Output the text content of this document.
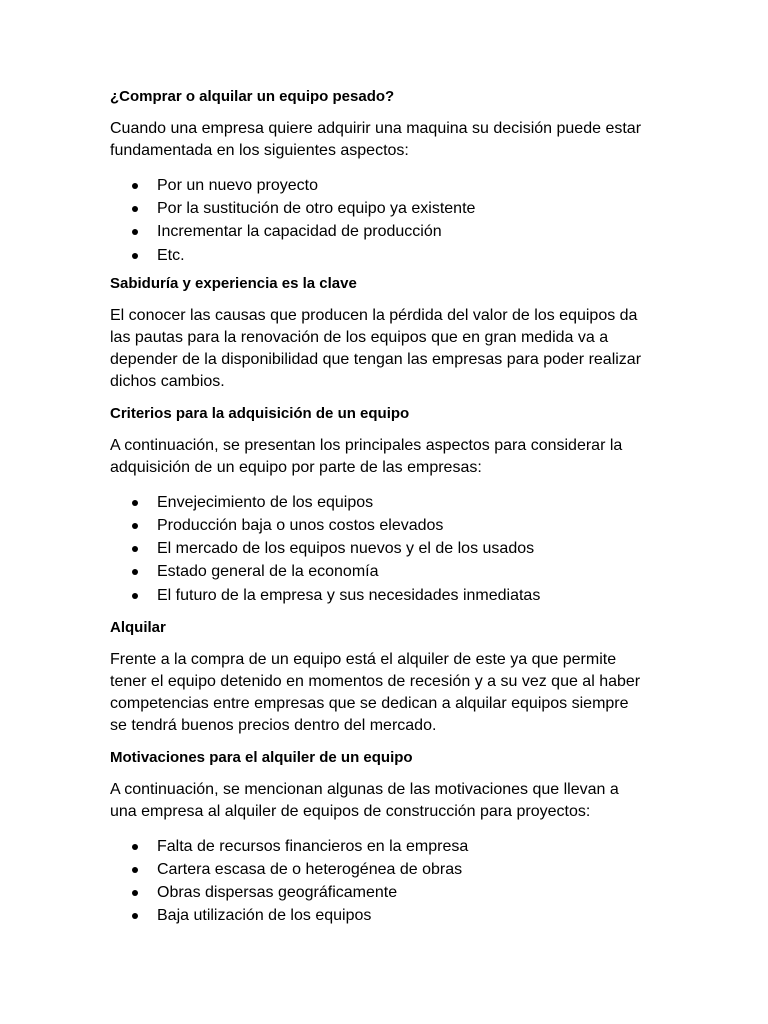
¿Comprar o alquilar un equipo pesado?

Cuando una empresa quiere adquirir una maquina su decisión puede estar
fundamentada en los siguientes aspectos:

Por un nuevo proyecto
Por la sustitución de otro equipo ya existente
Incrementar la capacidad de producción
Etc.
Sabiduría y experiencia es la clave

El conocer las causas que producen la pérdida del valor de los equipos da
las pautas para la renovación de los equipos que en gran medida va a
depender de la disponibilidad que tengan las empresas para poder realizar
dichos cambios.

Criterios para la adquisición de un equipo

A continuación, se presentan los principales aspectos para considerar la
adquisición de un equipo por parte de las empresas:

Envejecimiento de los equipos
Producción baja o unos costos elevados
El mercado de los equipos nuevos y el de los usados
Estado general de la economía
El futuro de la empresa y sus necesidades inmediatas
Alquilar

Frente a la compra de un equipo está el alquiler de este ya que permite
tener el equipo detenido en momentos de recesión y a su vez que al haber
competencias entre empresas que se dedican a alquilar equipos siempre
se tendrá buenos precios dentro del mercado.

Motivaciones para el alquiler de un equipo

A continuación, se mencionan algunas de las motivaciones que llevan a
una empresa al alquiler de equipos de construcción para proyectos:

Falta de recursos financieros en la empresa
Cartera escasa de o heterogénea de obras
Obras dispersas geográficamente
Baja utilización de los equipos
